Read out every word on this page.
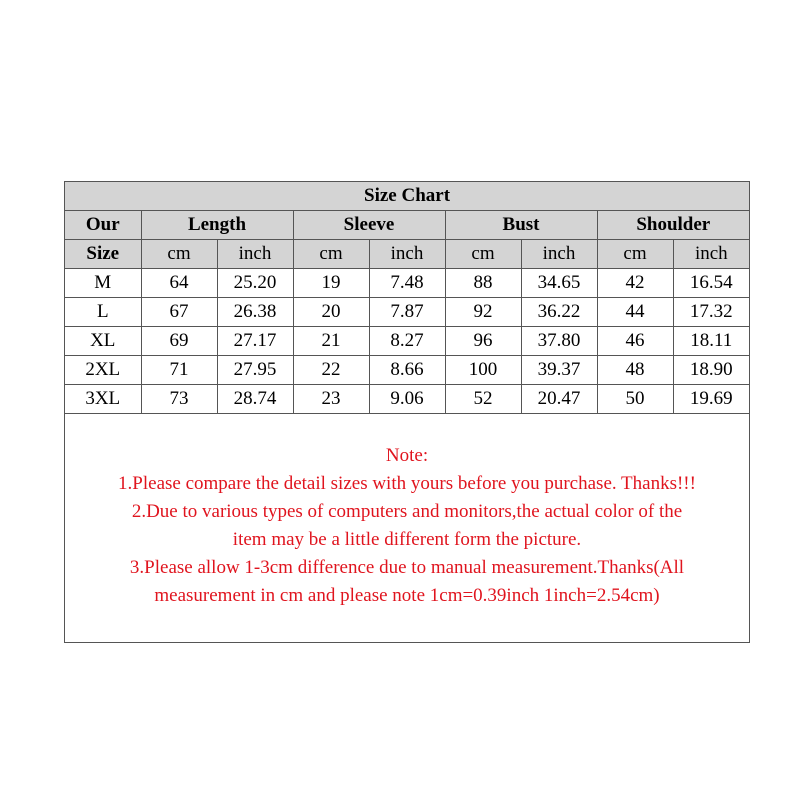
Size Chart								
Our	Length		Sleeve		Bust		Shoulder	
Size	cm	inch	cm	inch	cm	inch	cm	inch
M	64	25.20	19	7.48	88	34.65	42	16.54
L	67	26.38	20	7.87	92	36.22	44	17.32
XL	69	27.17	21	8.27	96	37.80	46	18.11
2XL	71	27.95	22	8.66	100	39.37	48	18.90
3XL	73	28.74	23	9.06	52	20.47	50	19.69
Note:
1.Please compare the detail sizes with yours before you purchase. Thanks!!!
2.Due to various types of computers and monitors,the actual color of the
item may be a little different form the picture.
3.Please allow 1-3cm difference due to manual measurement.Thanks(All
measurement in cm and please note 1cm=0.39inch 1inch=2.54cm)
